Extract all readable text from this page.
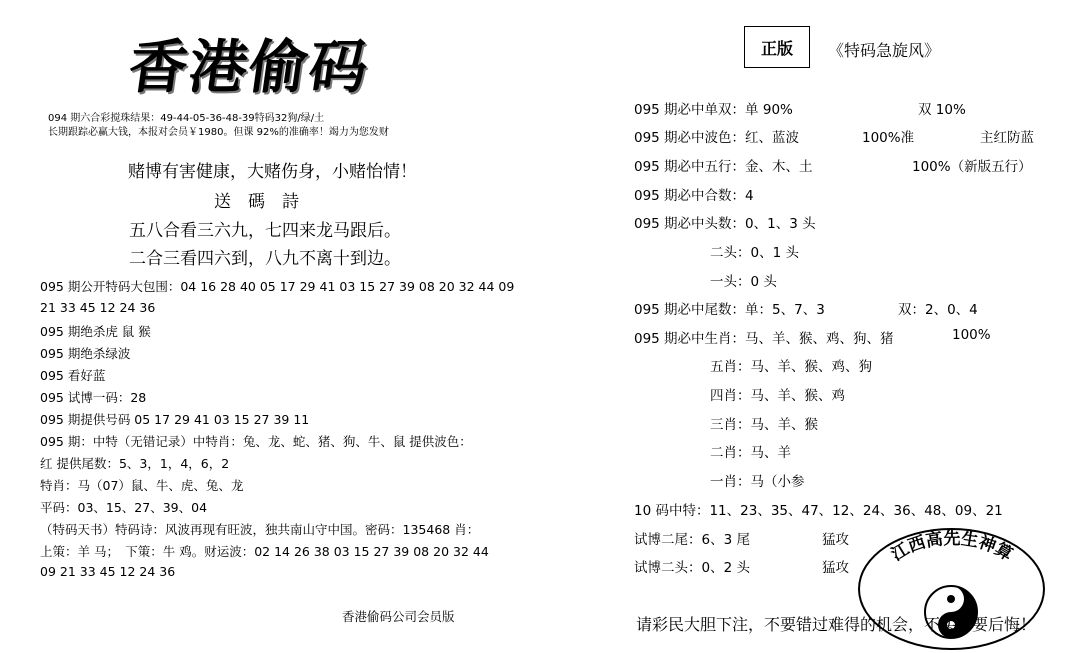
香港偷码
094 期六合彩搅珠结果：49-44-05-36-48-39特码32狗/绿/土
长期跟踪必赢大钱，本报对会员￥1980。但课 92%的准确率！竭力为您发财
赌博有害健康，大赌伤身，小赌怡情！
送　碼　詩
五八合看三六九，七四来龙马跟后。
二合三看四六到，八九不离十到边。
095 期公开特码大包围：04 16 28 40 05 17 29 41 03 15 27 39 08 20 32 44 09
21 33 45 12 24 36
095 期绝杀虎 鼠 猴
095 期绝杀绿波
095 看好蓝
095 试博一码：28
095 期提供号码 05 17 29 41 03 15 27 39 11
095 期：中特（无错记录）中特肖：兔、龙、蛇、猪、狗、牛、鼠 提供波色：
红 提供尾数：5、3，1，4，6，2
特肖：马（07）鼠、牛、虎、兔、龙
平码：03、15、27、39、04
（特码天书）特码诗：风波再现有旺波，独共南山守中国。密码：135468 肖：
上策：羊 马；　下策：牛 鸡。财运波：02 14 26 38 03 15 27 39 08 20 32 44
09 21 33 45 12 24 36
香港偷码公司会员版
正版 《特码急旋风》
095 期必中单双：单 90%	双 10%
095 期必中波色：红、蓝波	100%准	主红防蓝
095 期必中五行：金、木、土	100%（新版五行）
095 期必中合数：4
095 期必中头数：0、1、3 头
二头：0、1 头
一头：0 头
095 期必中尾数：单：5、7、3	双：2、0、4
095 期必中生肖：马、羊、猴、鸡、狗、猪	100%
五肖：马、羊、猴、鸡、狗
四肖：马、羊、猴、鸡
三肖：马、羊、猴
二肖：马、羊
一肖：马（小参
10 码中特：11、23、35、47、12、24、36、48、09、21
试博二尾：6、3 尾	猛攻
试博二头：0、2 头	猛攻
江西高先生神算
请彩民大胆下注，不要错过难得的机会，不买不要后悔！
